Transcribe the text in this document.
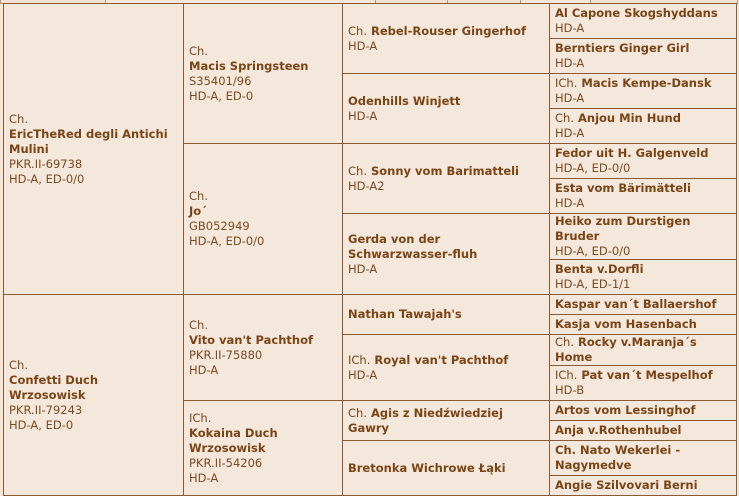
Ch.
EricTheRed degli Antichi Mulini
PKR.II-69738
HD-A, ED-0/0	Ch.
Macis Springsteen
S35401/96
HD-A, ED-0	Ch. Rebel-Rouser Gingerhof
HD-A	Al Capone Skogshyddans
HD-A

			Berntiers Ginger Girl
HD-A

		Odenhills Winjett
HD-A	ICh. Macis Kempe-Dansk
HD-A

			Ch. Anjou Min Hund
HD-A

	Ch.
Jo´
GB052949
HD-A, ED-0/0	Ch. Sonny vom Barimatteli
HD-A2	Fedor uit H. Galgenveld
HD-A, ED-0/0

			Esta vom Bärimätteli
HD-A

		Gerda von der Schwarzwasser-fluh
HD-A	Heiko zum Durstigen Bruder
HD-A, ED-0/0

			Benta v.Dorfli
HD-A, ED-1/1

Ch.
Confetti Duch Wrzosowisk
PKR.II-79243
HD-A, ED-0	Ch.
Vito van't Pachthof
PKR.II-75880
HD-A	Nathan Tawajah's	Kaspar van´t Ballaershof

			Kasja vom Hasenbach

		ICh. Royal van't Pachthof
HD-A	Ch. Rocky v.Maranja´s Home

			ICh. Pat van´t Mespelhof
HD-B

	ICh.
Kokaina Duch Wrzosowisk
PKR.II-54206
HD-A	Ch. Agis z Niedźwiedziej Gawry	Artos vom Lessinghof

			Anja v.Rothenhubel

		Bretonka Wichrowe Łąki	Ch. Nato Wekerlei - Nagymedve

			Angie Szilvovari Berni
